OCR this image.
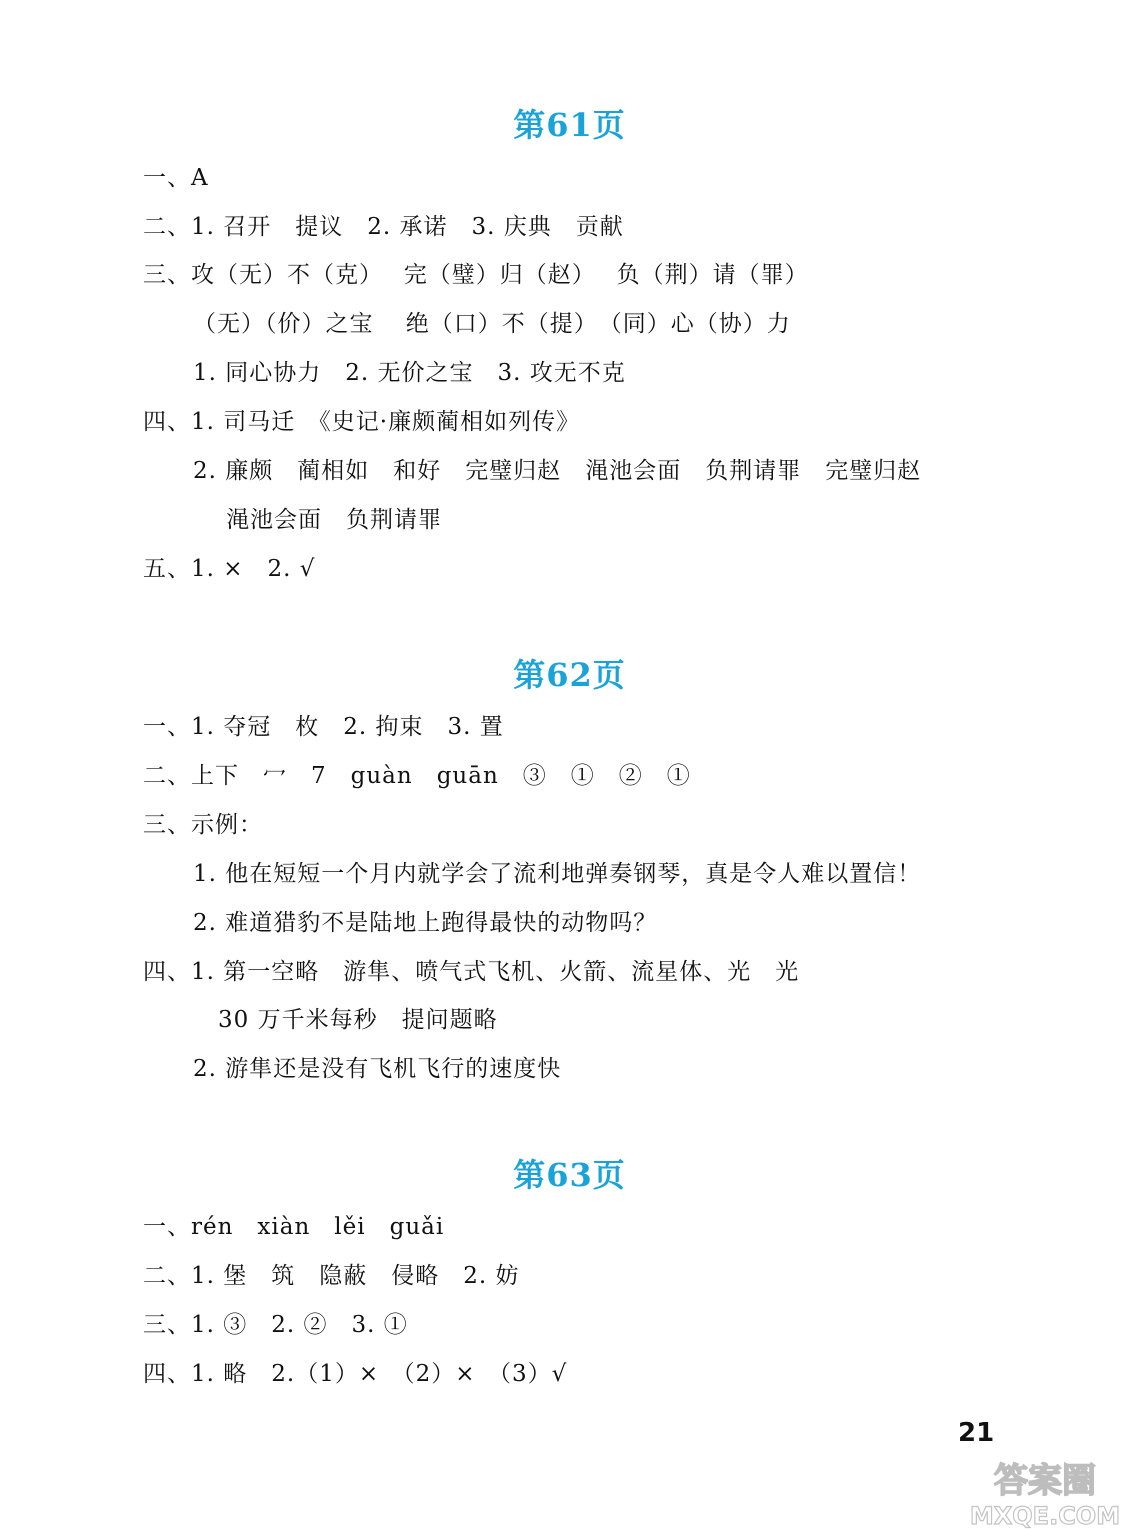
第61页
一、A
二、1. 召开　提议　2. 承诺　3. 庆典　贡献
三、攻（无）不（克）　 完（璧）归（赵）　 负（荆）请（罪）
（无）（价）之宝　 绝（口）不（提）　（同）心（协）力
1. 同心协力　2. 无价之宝　3. 攻无不克
四、1. 司马迁　《史记·廉颇蔺相如列传》
2. 廉颇　蔺相如　和好　完璧归赵　渑池会面　负荆请罪　完璧归赵
渑池会面　负荆请罪
五、1. ×　2. √
第62页
一、1. 夺冠　枚　2. 拘束　3. 置
二、上下　冖　7　guàn　guān　③　①　②　①
三、示例：
1. 他在短短一个月内就学会了流利地弹奏钢琴，真是令人难以置信！
2. 难道猎豹不是陆地上跑得最快的动物吗？
四、1. 第一空略　游隼、喷气式飞机、火箭、流星体、光　光
30 万千米每秒　提问题略
2. 游隼还是没有飞机飞行的速度快
第63页
一、rén　xiàn　lěi　guǎi
二、1. 堡　筑　隐蔽　侵略　2. 妨
三、1. ③　2. ②　3. ①
四、1. 略　2.（1）×　（2）×　（3）√
21
答案圈
MXQE.COM
